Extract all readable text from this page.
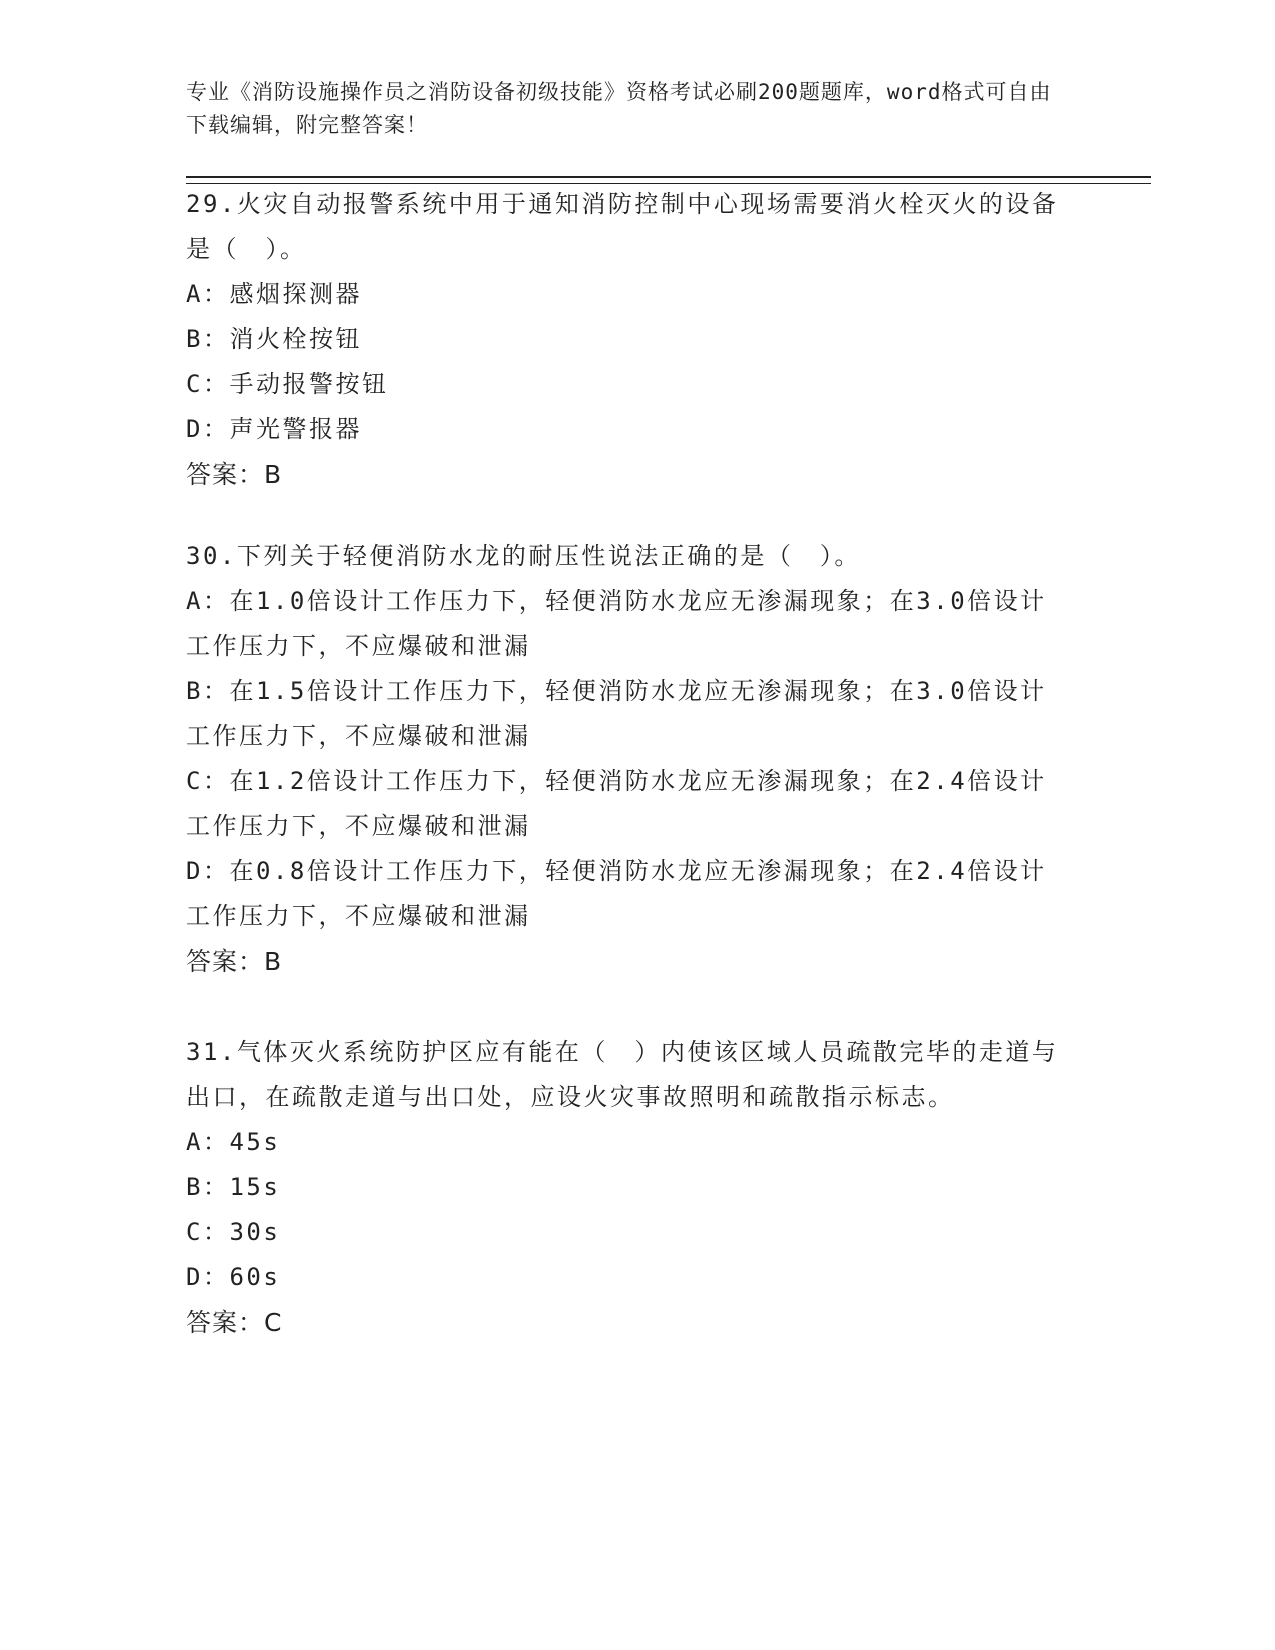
专业《消防设施操作员之消防设备初级技能》资格考试必刷200题题库，word格式可自由下载编辑，附完整答案！
29.火灾自动报警系统中用于通知消防控制中心现场需要消火栓灭火的设备是（　）。
A：感烟探测器
B：消火栓按钮
C：手动报警按钮
D：声光警报器
答案：B
30.下列关于轻便消防水龙的耐压性说法正确的是（　）。
A：在1.0倍设计工作压力下，轻便消防水龙应无渗漏现象；在3.0倍设计工作压力下，不应爆破和泄漏
B：在1.5倍设计工作压力下，轻便消防水龙应无渗漏现象；在3.0倍设计工作压力下，不应爆破和泄漏
C：在1.2倍设计工作压力下，轻便消防水龙应无渗漏现象；在2.4倍设计工作压力下，不应爆破和泄漏
D：在0.8倍设计工作压力下，轻便消防水龙应无渗漏现象；在2.4倍设计工作压力下，不应爆破和泄漏
答案：B
31.气体灭火系统防护区应有能在（　）内使该区域人员疏散完毕的走道与出口，在疏散走道与出口处，应设火灾事故照明和疏散指示标志。
A：45s
B：15s
C：30s
D：60s
答案：C
